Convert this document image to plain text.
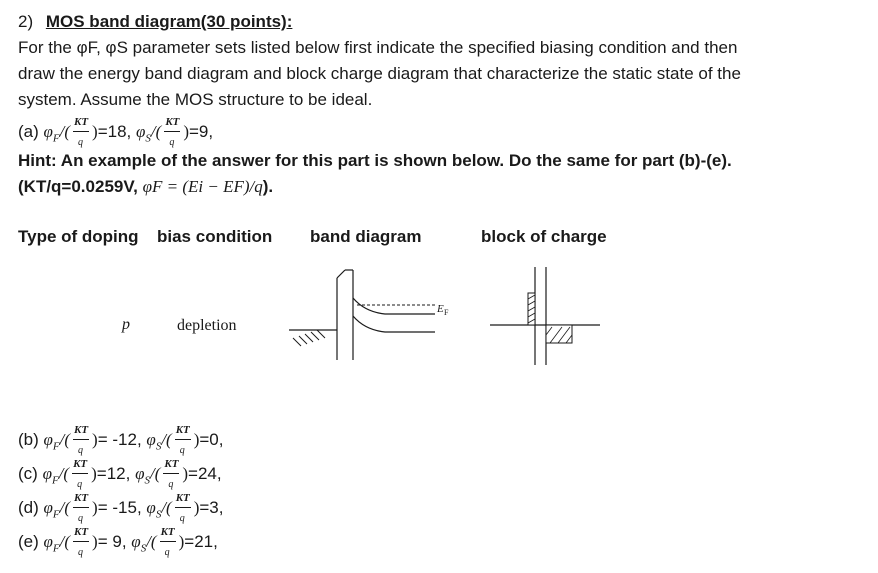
2) MOS band diagram(30 points):
For the φF, φS parameter sets listed below first indicate the specified biasing condition and then
draw the energy band diagram and block charge diagram that characterize the static state of the
system. Assume the MOS structure to be ideal.
(a) $\varphi_F/( \frac{KT}{q} )=18$, $\varphi_S/( \frac{KT}{q} )=9$,
Hint: An example of the answer for this part is shown below. Do the same for part (b)-(e).
(KT/q=0.0259V, φF = (Ei − EF)/q).
Type of doping bias condition band diagram	block of charge
p	depletion
E F
(b) $\varphi_F/( \frac{KT}{q}$ )= -12, $\varphi_S/( \frac{KT}{q} )=0$,
(c) $\varphi_F/( \frac{KT}{q} )=12$, $\varphi_S/( \frac{KT}{q} )=24$,
(d) $\varphi_F/( \frac{KT}{q}$ )= -15, $\varphi_S/( \frac{KT}{q} )=3$,
(e) $\varphi_F/( \frac{KT}{q}$ )= 9, $\varphi_S/( \frac{KT}{q} )=21$,
